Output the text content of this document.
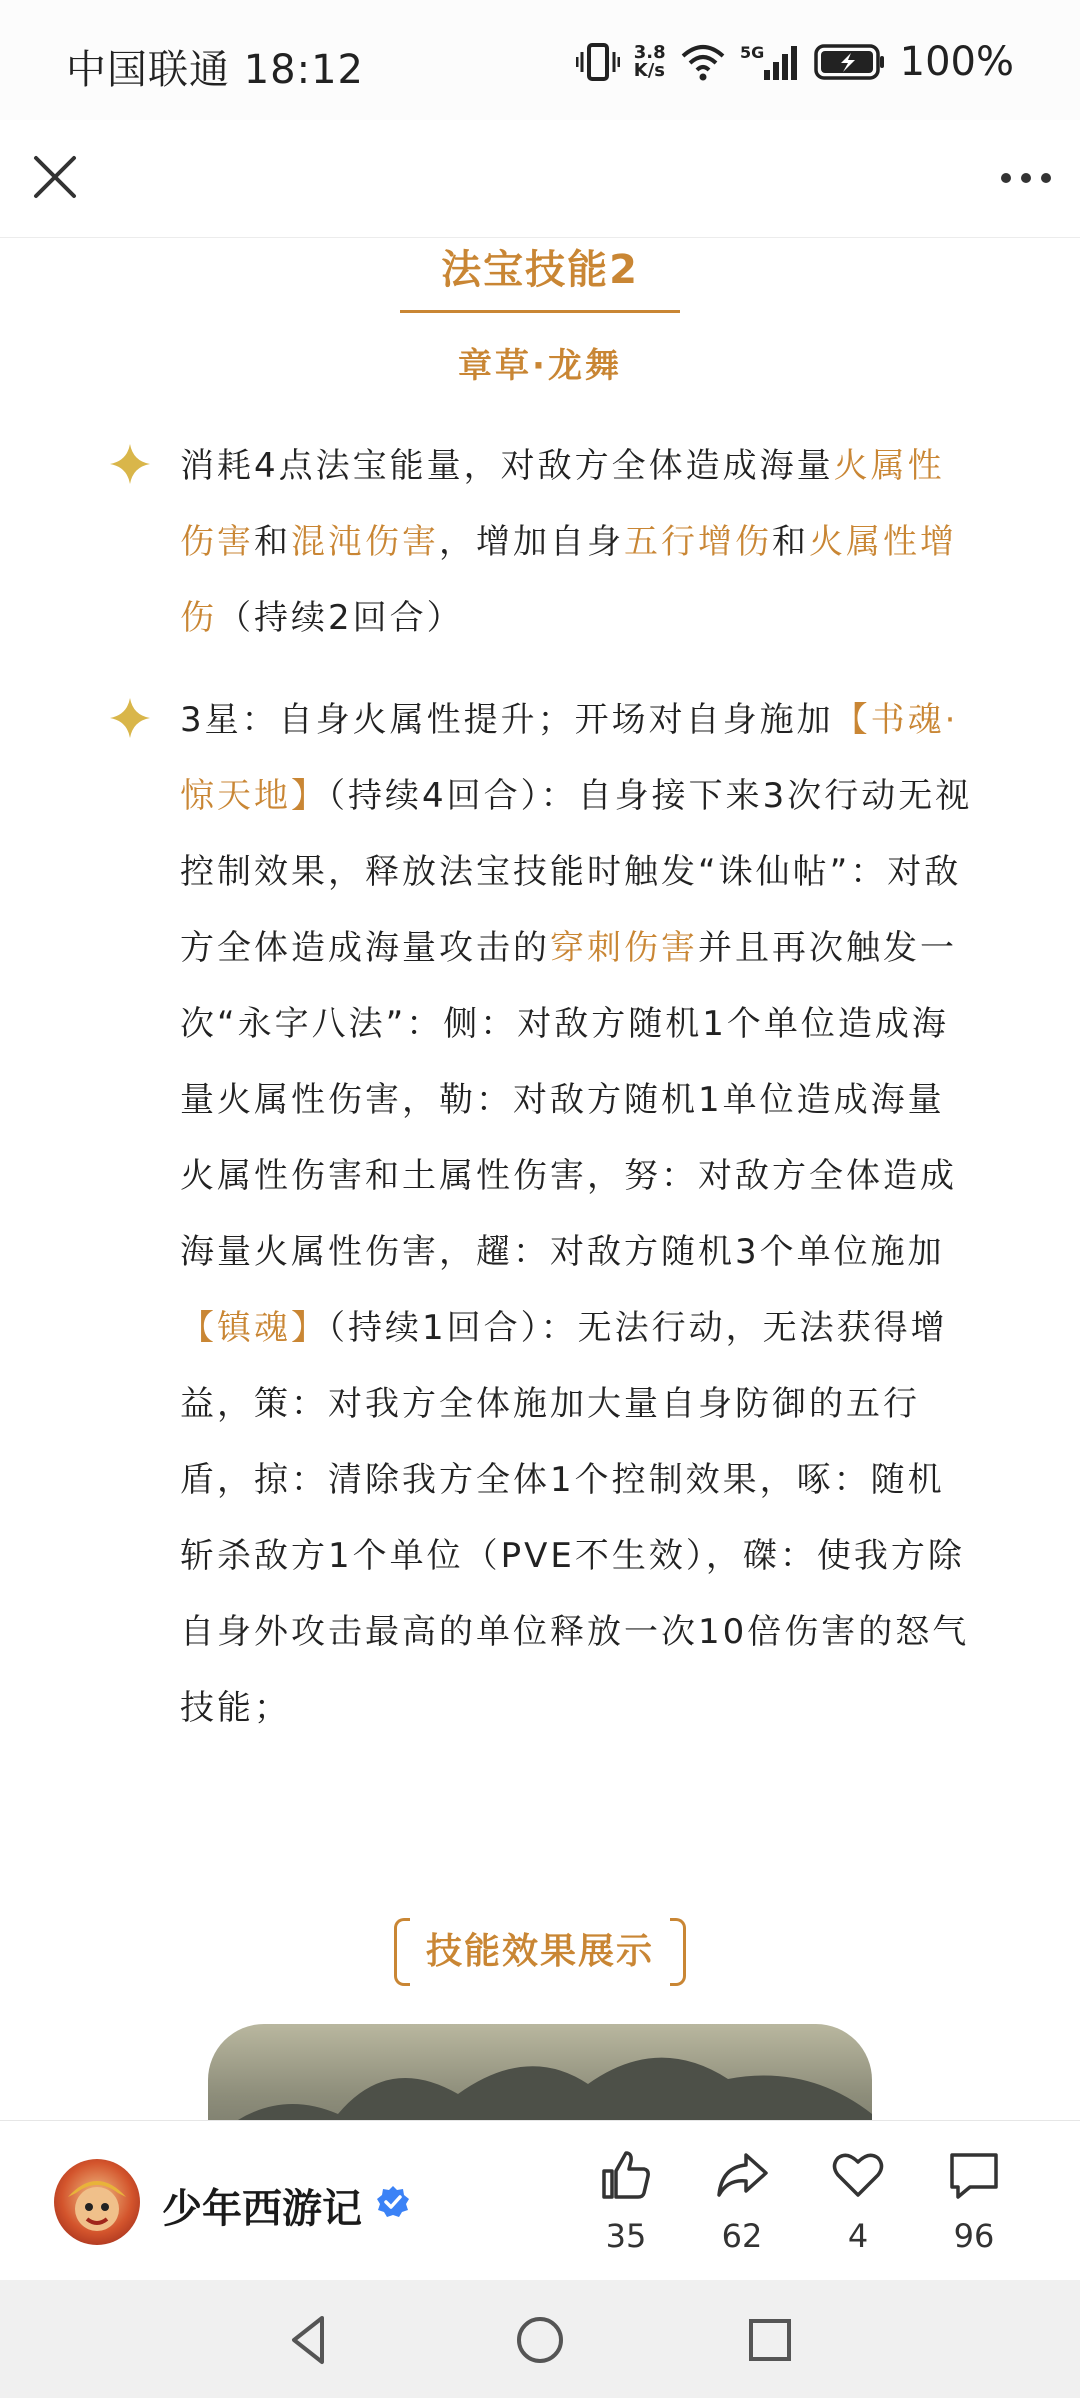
中国联通 18:12	3.8
K/s
5G	100%
法宝技能2
章草·龙舞
消耗4点法宝能量，对敌方全体造成海量火属性伤害和混沌伤害，增加自身五行增伤和火属性增伤（持续2回合）
3星：自身火属性提升；开场对自身施加【书魂·惊天地】（持续4回合）：自身接下来3次行动无视控制效果，释放法宝技能时触发“诛仙帖”：对敌方全体造成海量攻击的穿刺伤害并且再次触发一次“永字八法”：侧：对敌方随机1个单位造成海量火属性伤害，勒：对敌方随机1单位造成海量火属性伤害和土属性伤害，努：对敌方全体造成海量火属性伤害，趯：对敌方随机3个单位施加【镇魂】（持续1回合）：无法行动，无法获得增益，策：对我方全体施加大量自身防御的五行盾，掠：清除我方全体1个控制效果，啄：随机斩杀敌方1个单位（PVE不生效），磔：使我方除自身外攻击最高的单位释放一次10倍伤害的怒气技能；
技能效果展示
少年西游记
35	62	4	96
